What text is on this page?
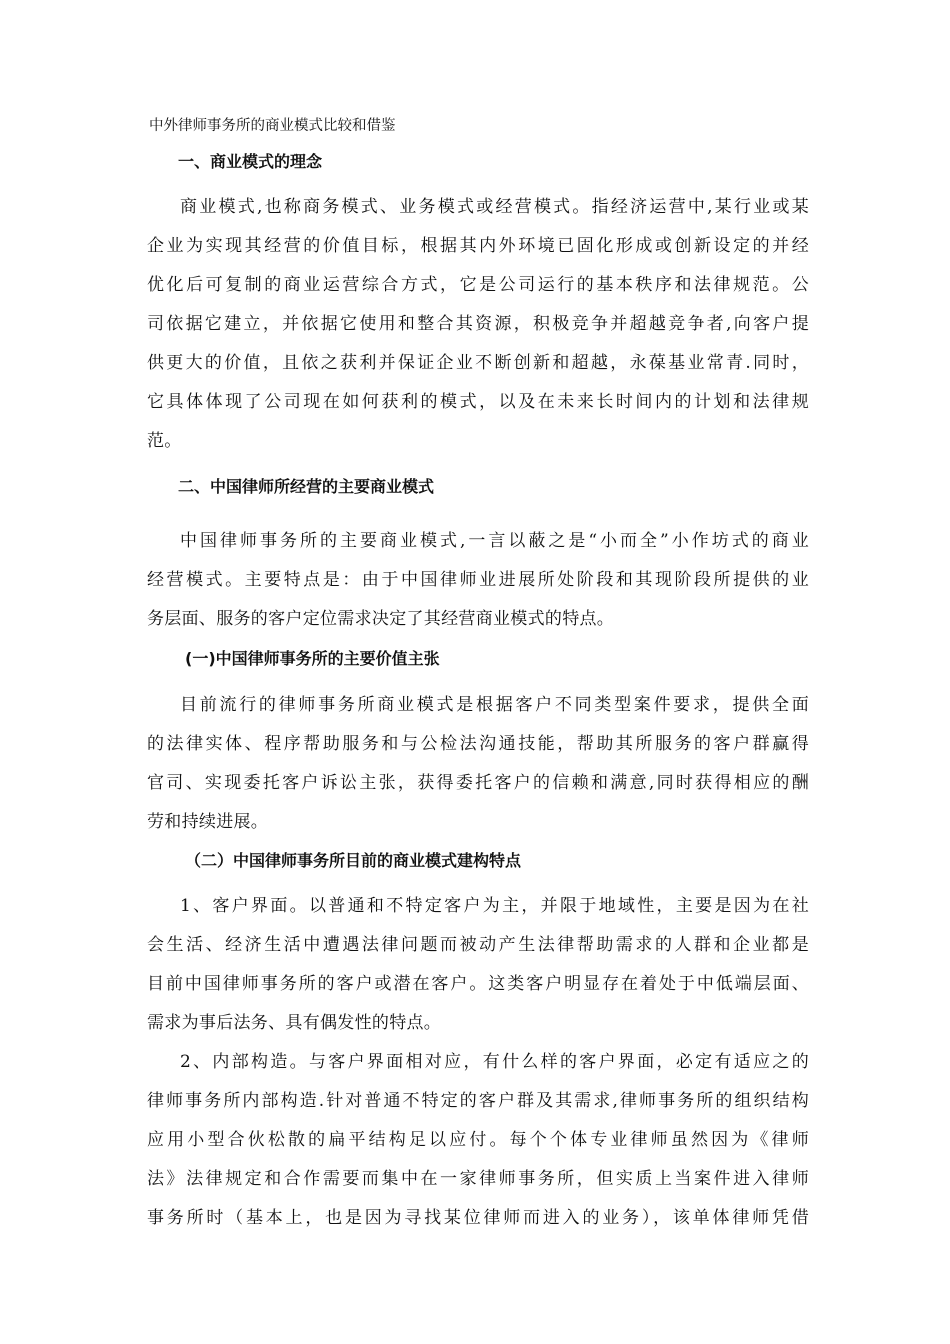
中外律师事务所的商业模式比较和借鉴
一、商业模式的理念
商业模式,也称商务模式、业务模式或经营模式。指经济运营中,某行业或某
企业为实现其经营的价值目标，根据其内外环境已固化形成或创新设定的并经
优化后可复制的商业运营综合方式，它是公司运行的基本秩序和法律规范。公
司依据它建立，并依据它使用和整合其资源，积极竞争并超越竞争者,向客户提
供更大的价值，且依之获利并保证企业不断创新和超越，永葆基业常青.同时，
它具体体现了公司现在如何获利的模式，以及在未来长时间内的计划和法律规
范。
二、中国律师所经营的主要商业模式
中国律师事务所的主要商业模式,一言以蔽之是“小而全”小作坊式的商业
经营模式。主要特点是：由于中国律师业进展所处阶段和其现阶段所提供的业
务层面、服务的客户定位需求决定了其经营商业模式的特点。
(一)中国律师事务所的主要价值主张
目前流行的律师事务所商业模式是根据客户不同类型案件要求，提供全面
的法律实体、程序帮助服务和与公检法沟通技能，帮助其所服务的客户群赢得
官司、实现委托客户诉讼主张，获得委托客户的信赖和满意,同时获得相应的酬
劳和持续进展。
（二）中国律师事务所目前的商业模式建构特点
1、客户界面。以普通和不特定客户为主，并限于地域性，主要是因为在社
会生活、经济生活中遭遇法律问题而被动产生法律帮助需求的人群和企业都是
目前中国律师事务所的客户或潜在客户。这类客户明显存在着处于中低端层面、
需求为事后法务、具有偶发性的特点。
2、内部构造。与客户界面相对应，有什么样的客户界面，必定有适应之的
律师事务所内部构造.针对普通不特定的客户群及其需求,律师事务所的组织结构
应用小型合伙松散的扁平结构足以应付。每个个体专业律师虽然因为《律师
法》法律规定和合作需要而集中在一家律师事务所，但实质上当案件进入律师
事务所时（基本上，也是因为寻找某位律师而进入的业务），该单体律师凭借
